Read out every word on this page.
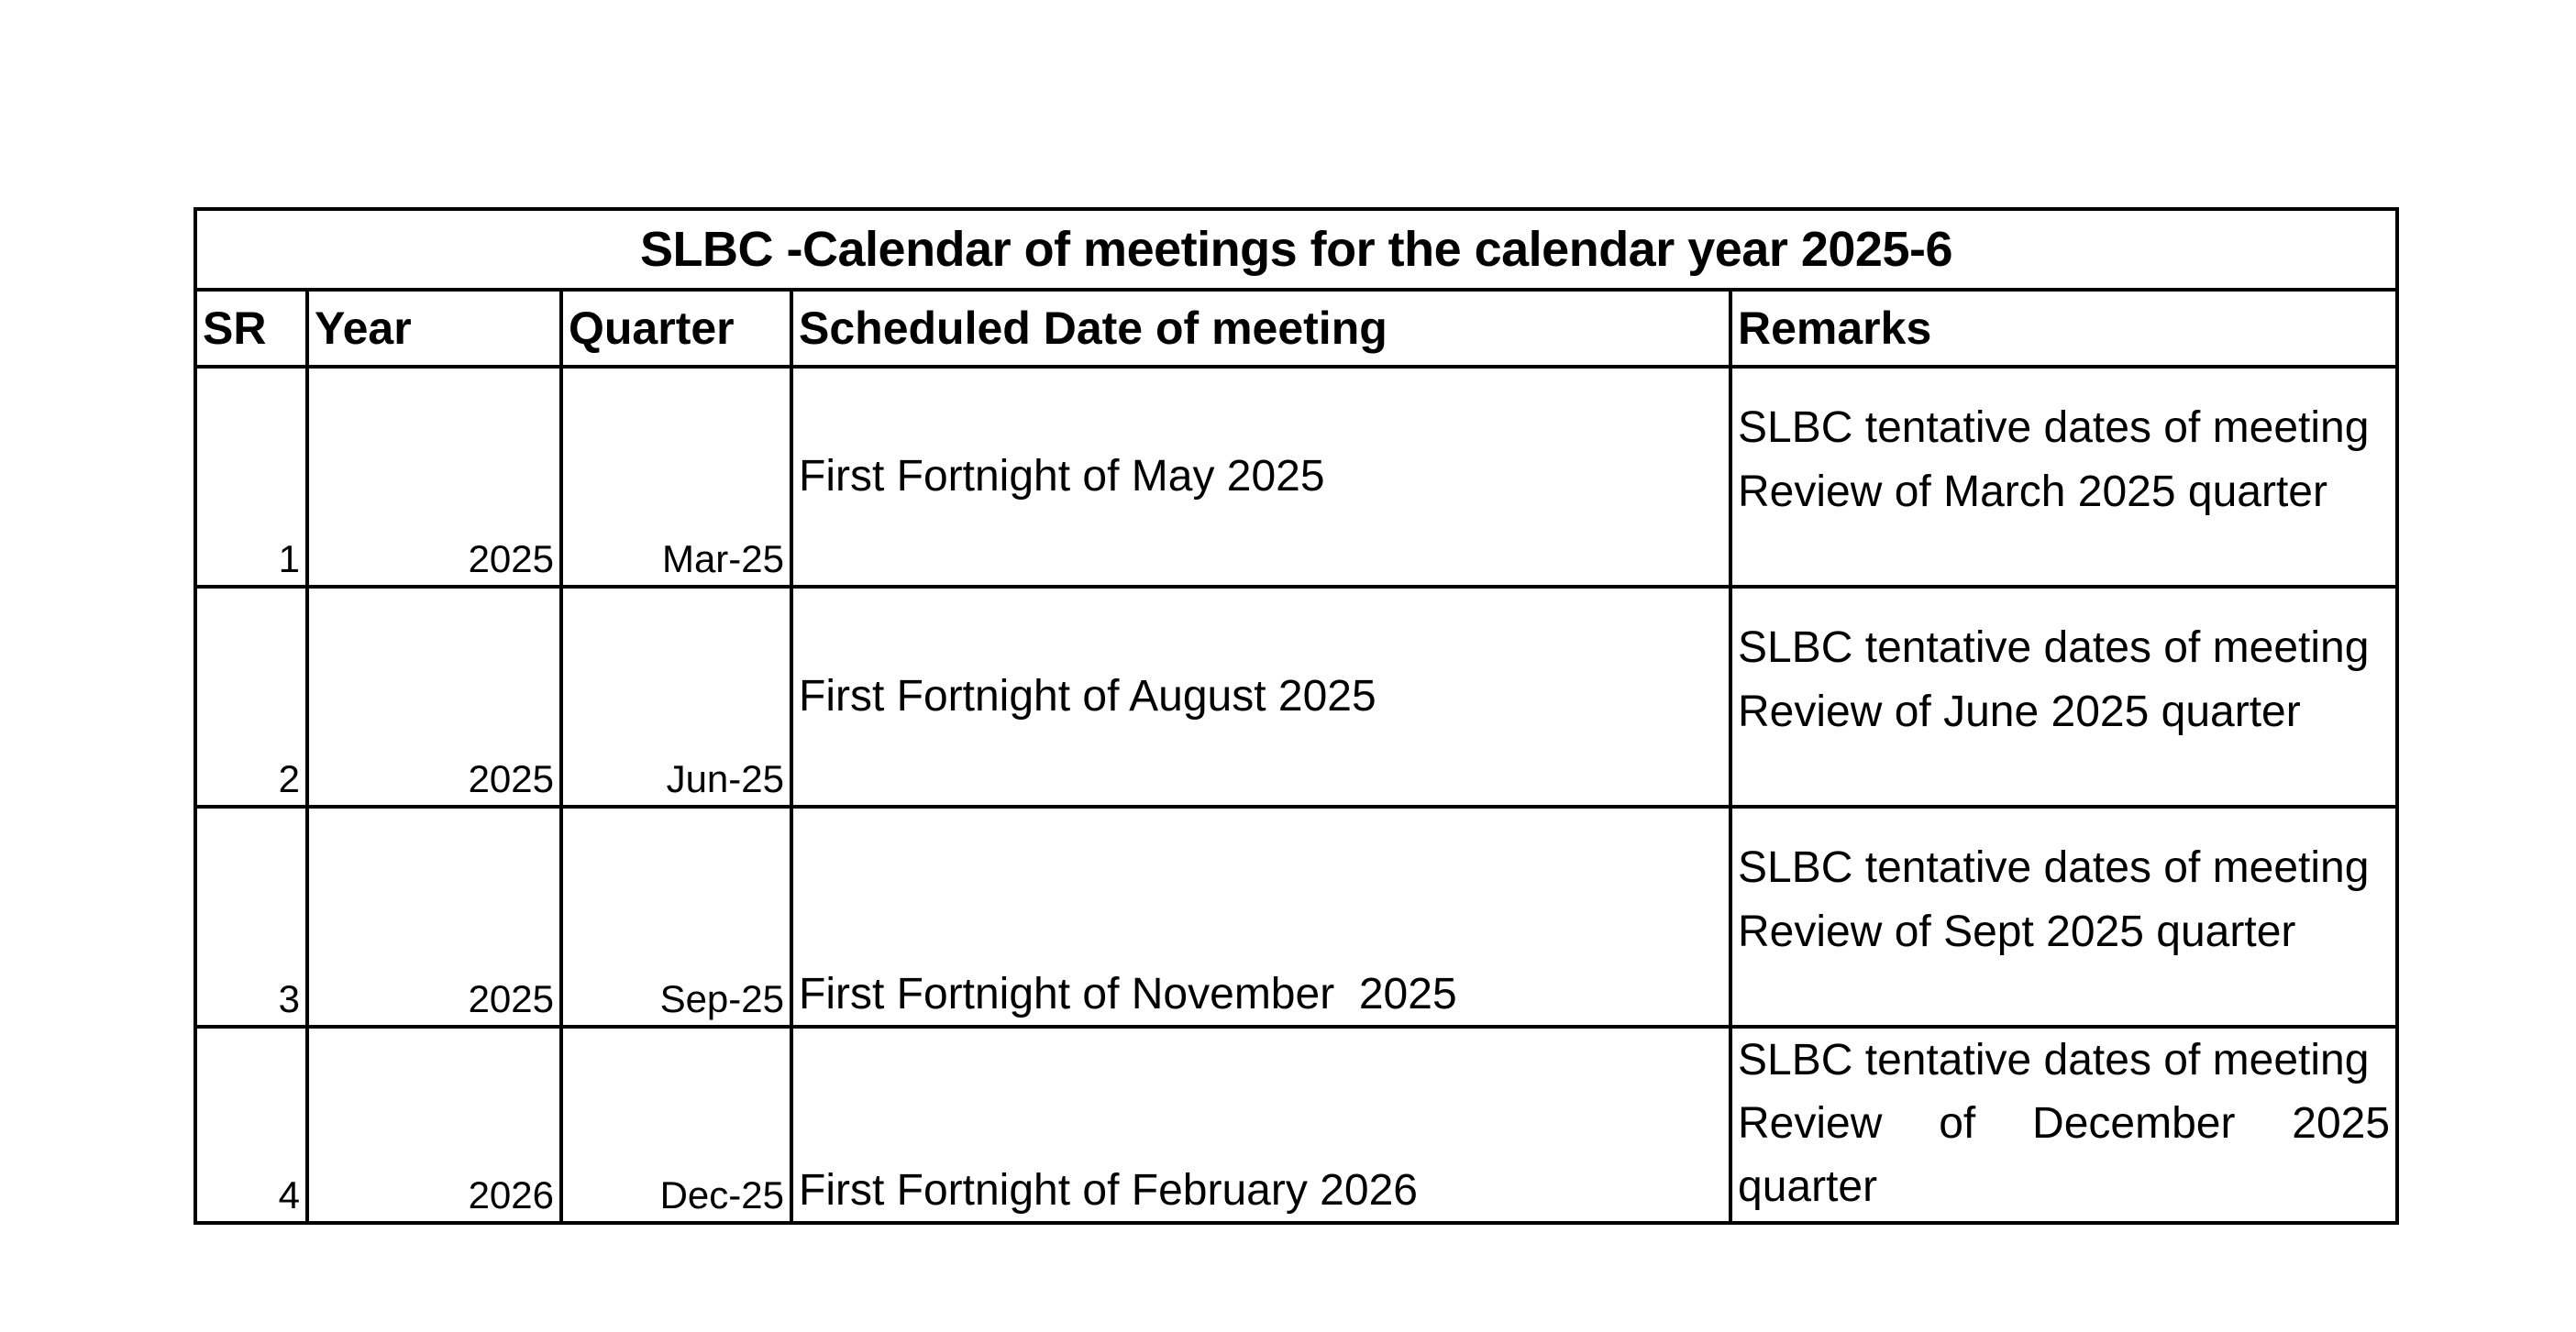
SLBC -Calendar of meetings for the calendar year 2025-6				
SR	Year	Quarter	Scheduled Date of meeting	Remarks
1	2025	Mar-25	First Fortnight of May 2025	SLBC tentative dates of meeting
Review of March 2025 quarter

2	2025	Jun-25	First Fortnight of August 2025	SLBC tentative dates of meeting
Review of June 2025 quarter

3	2025	Sep-25	First Fortnight of November  2025	SLBC tentative dates of meeting
Review of Sept 2025 quarter

4	2026	Dec-25	First Fortnight of February 2026	SLBC tentative dates of meeting
Review of December 2025 quarter
